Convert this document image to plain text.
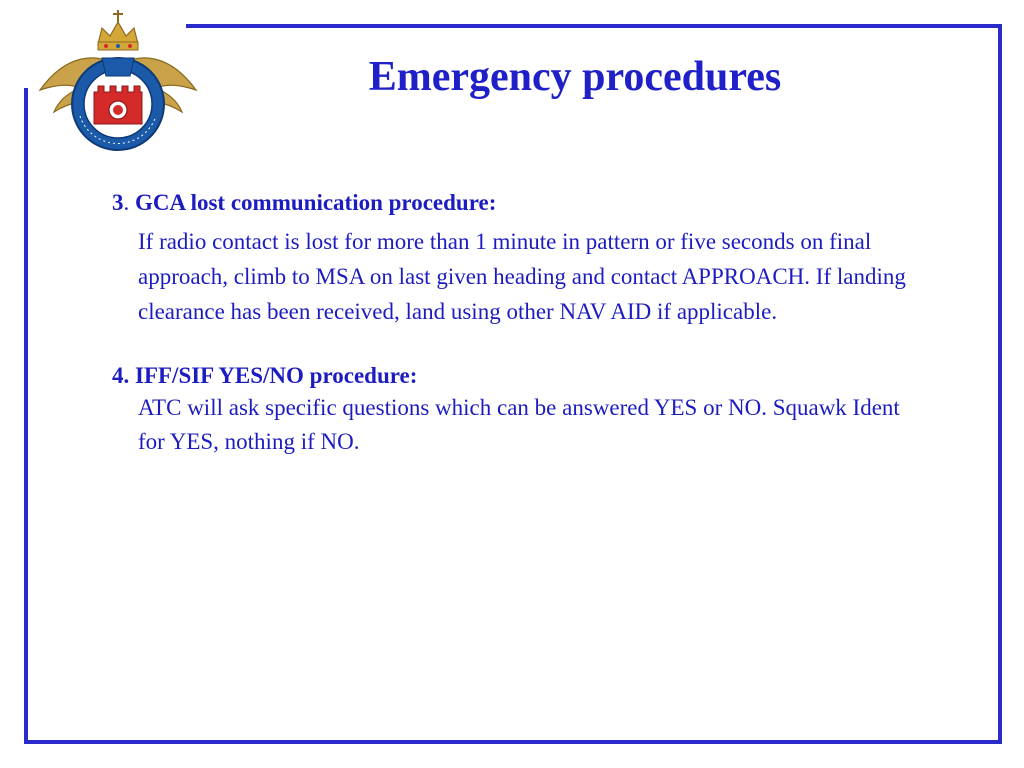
Emergency procedures

3. GCA lost communication procedure:

If radio contact is lost for more than 1 minute in pattern or five seconds on final approach, climb to MSA on last given heading and contact APPROACH. If landing clearance has been received, land using other NAV AID if applicable.

4. IFF/SIF YES/NO procedure:

ATC will ask specific questions which can be answered YES or NO. Squawk Ident for YES, nothing if NO.
